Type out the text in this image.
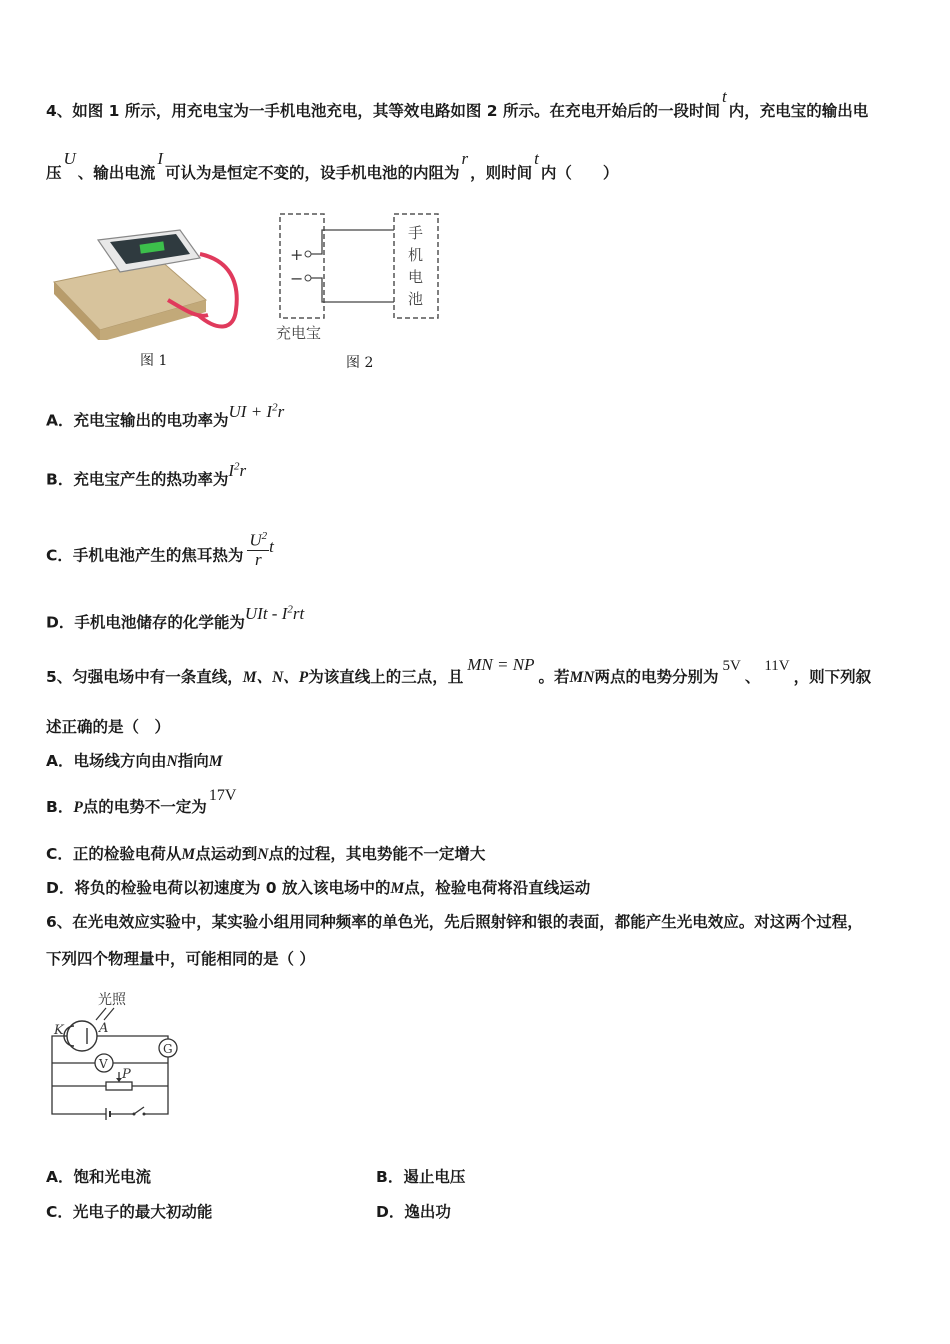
4、如图 1 所示，用充电宝为一手机电池充电，其等效电路如图 2 所示。在充电开始后的一段时间t内，充电宝的输出电
压U、输出电流I可认为是恒定不变的，设手机电池的内阻为r，则时间t内（　　）
图 1
+
−
手
机
电
池
充电宝
图 2
A．充电宝输出的电功率为UI + $I^2r$
B．充电宝产生的热功率为$I^2r$
C．手机电池产生的焦耳热为 $\frac{U^2}{r}$ t
D．手机电池储存的化学能为UIt - $I^2rt$
5、匀强电场中有一条直线，M、N、P为该直线上的三点，且MN = NP。若MN两点的电势分别为5V、11V，则下列叙
述正确的是（　）
A．电场线方向由N指向M
B．P点的电势不一定为17V
C．正的检验电荷从M点运动到N点的过程，其电势能不一定增大
D．将负的检验电荷以初速度为 0 放入该电场中的M点，检验电荷将沿直线运动
6、在光电效应实验中，某实验小组用同种频率的单色光，先后照射锌和银的表面，都能产生光电效应。对这两个过程，
下列四个物理量中，可能相同的是（ ）
光照
K	A
G
V
P
A．饱和光电流	B．遏止电压
C．光电子的最大初动能	D．逸出功
